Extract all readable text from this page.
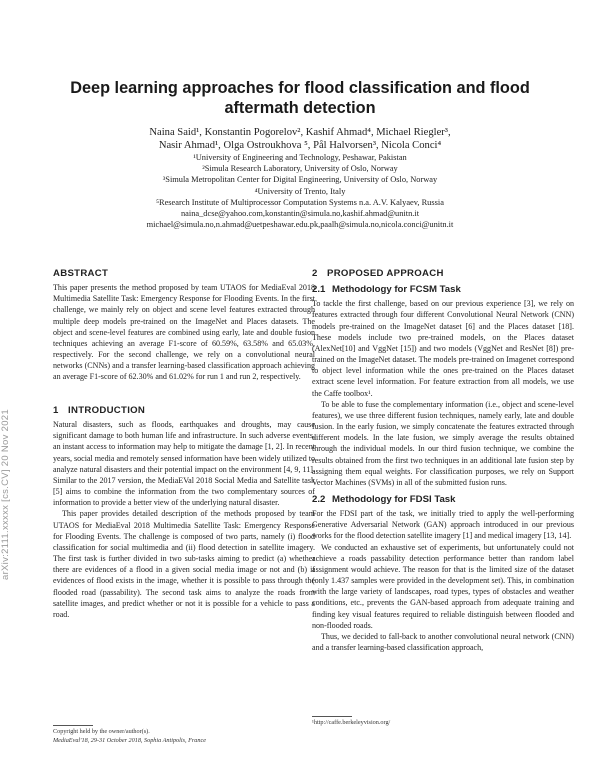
arXiv:2111.xxxxx [cs.CV] 20 Nov 2021
Deep learning approaches for flood classification and flood aftermath detection
Naina Said¹, Konstantin Pogorelov², Kashif Ahmad⁴, Michael Riegler³,
Nasir Ahmad¹, Olga Ostroukhova ⁵, Pål Halvorsen³, Nicola Conci⁴
¹University of Engineering and Technology, Peshawar, Pakistan
²Simula Research Laboratory, University of Oslo, Norway
³Simula Metropolitan Center for Digital Engineering, University of Oslo, Norway
⁴University of Trento, Italy
⁵Research Institute of Multiprocessor Computation Systems n.a. A.V. Kalyaev, Russia
naina_dcse@yahoo.com,konstantin@simula.no,kashif.ahmad@unitn.it
michael@simula.no,n.ahmad@uetpeshawar.edu.pk,paalh@simula.no,nicola.conci@unitn.it
ABSTRACT

This paper presents the method proposed by team UTAOS for MediaEval 2018 Multimedia Satellite Task: Emergency Response for Flooding Events. In the first challenge, we mainly rely on object and scene level features extracted through multiple deep models pre-trained on the ImageNet and Places datasets. The object and scene-level features are combined using early, late and double fusion techniques achieving an average F1-score of 60.59%, 63.58% and 65.03%, respectively. For the second challenge, we rely on a convolutional neural networks (CNNs) and a transfer learning-based classification approach achieving an average F1-score of 62.30% and 61.02% for run 1 and run 2, respectively.

1 INTRODUCTION

Natural disasters, such as floods, earthquakes and droughts, may cause significant damage to both human life and infrastructure. In such adverse events, an instant access to information may help to mitigate the damage [1, 2]. In recent years, social media and remotely sensed information have been widely utilized to analyze natural disasters and their potential impact on the environment [4, 9, 11]. Similar to the 2017 version, the MediaEVal 2018 Social Media and Satellite task [5] aims to combine the information from the two complementary sources of information to provide a better view of the underlying natural disaster.

This paper provides detailed description of the methods proposed by team UTAOS for MediaEval 2018 Multimedia Satellite Task: Emergency Response for Flooding Events. The challenge is composed of two parts, namely (i) flood classification for social multimedia and (ii) flood detection in satellite imagery. The first task is further divided in two sub-tasks aiming to predict (a) whether there are evidences of a flood in a given social media image or not and (b) if evidences of flood exists in the image, whether it is possible to pass through the flooded road (passability). The second task aims to analyze the roads from satellite images, and predict whether or not it is possible for a vehicle to pass a road.

Copyright held by the owner/author(s).
MediaEval'18, 29-31 October 2018, Sophia Antipolis, France
2 PROPOSED APPROACH
2.1 Methodology for FCSM Task

To tackle the first challenge, based on our previous experience [3], we rely on features extracted through four different Convolutional Neural Network (CNN) models pre-trained on the ImageNet dataset [6] and the Places dataset [18]. These models include two pre-trained models, on the Places dataset (AlexNet[10] and VggNet [15]) and two models (VggNet and ResNet [8]) pre-trained on the ImageNet dataset. The models pre-trained on Imagenet correspond to object level information while the ones pre-trained on the Places dataset extract scene level information. For feature extraction from all models, we use the Caffe toolbox¹.

To be able to fuse the complementary information (i.e., object and scene-level features), we use three different fusion techniques, namely early, late and double fusion. In the early fusion, we simply concatenate the features extracted through different models. In the late fusion, we simply average the results obtained through the individual models. In our third fusion technique, we combine the results obtained from the first two techniques in an additional late fusion step by assigning them equal weights. For classification purposes, we rely on Support Vector Machines (SVMs) in all of the submitted fusion runs.

2.2 Methodology for FDSI Task

For the FDSI part of the task, we initially tried to apply the well-performing Generative Adversarial Network (GAN) approach introduced in our previous works for the flood detection satellite imagery [1] and medical imagery [13, 14].

We conducted an exhaustive set of experiments, but unfortunately could not achieve a roads passability detection performance better than random label assignment would achieve. The reason for that is the limited size of the dataset (only 1.437 samples were provided in the development set). This, in combination with the large variety of landscapes, road types, types of obstacles and weather conditions, etc., prevents the GAN-based approach from adequate training and finding key visual features required to reliable distinguish between flooded and non-flooded roads.

Thus, we decided to fall-back to another convolutional neural network (CNN) and a transfer learning-based classification approach,

¹http://caffe.berkeleyvision.org/
